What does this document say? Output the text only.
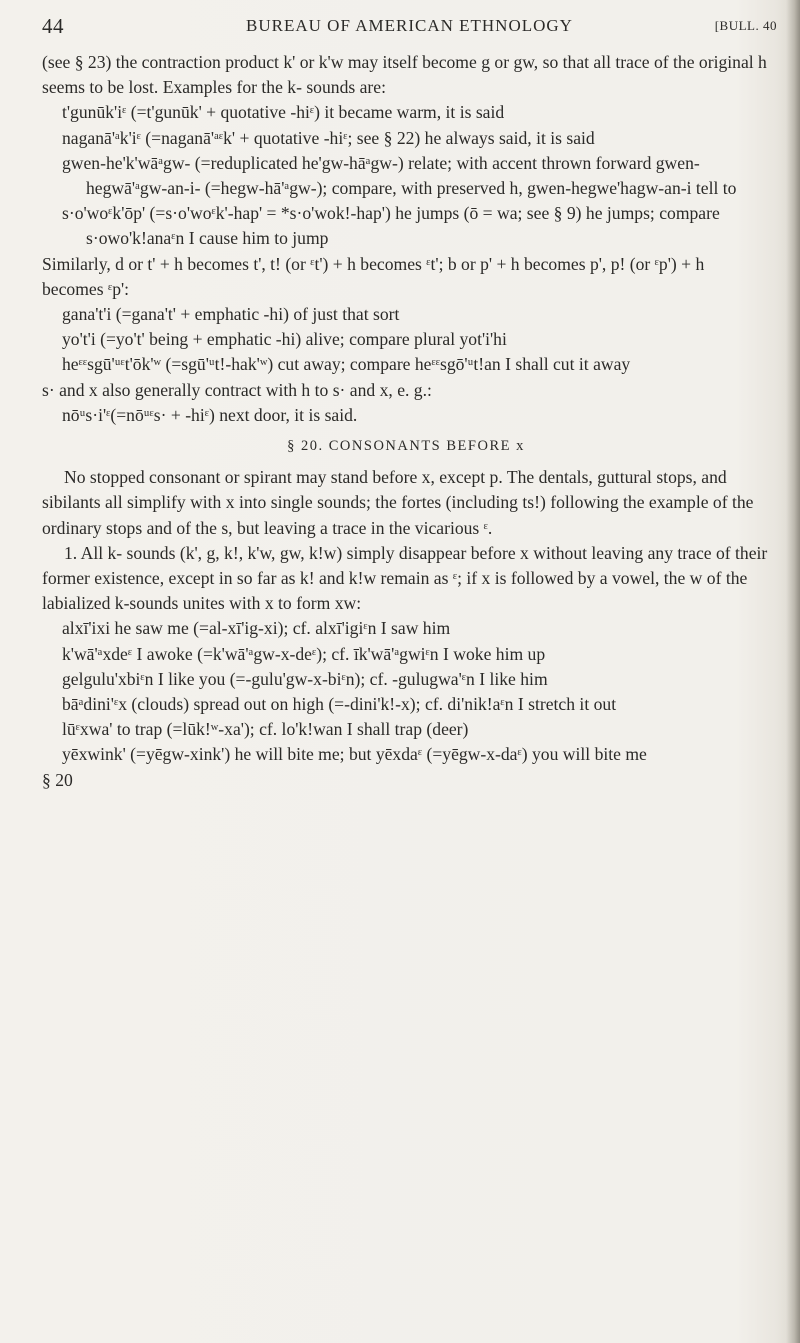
44	BUREAU OF AMERICAN ETHNOLOGY	[BULL. 40

(see § 23) the contraction product k' or k'w may itself become g or gw, so that all trace of the original h seems to be lost. Examples for the k- sounds are:

t'gunūk'iᵋ (=t'gunūk' + quotative -hiᵋ) it became warm, it is said
naganā'ᵃk'iᵋ (=naganā'ᵃᵋk' + quotative -hiᵋ; see § 22) he always said, it is said
gwen-he'k'wāᵃgw- (=reduplicated he'gw-hāᵃgw-) relate; with accent thrown forward gwen-hegwā'ᵃgw-an-i- (=hegw-hā'ᵃgw-); compare, with preserved h, gwen-hegwe'hagw-an-i tell to
s·o'woᵋk'ōp' (=s·o'woᵋk'-hap' = *s·o'wok!-hap') he jumps (ō = wa; see § 9) he jumps; compare s·owo'k!anaᵋn I cause him to jump

Similarly, d or t' + h becomes t', t! (or ᵋt') + h becomes ᵋt'; b or p' + h becomes p', p! (or ᵋp') + h becomes ᵋp':

gana't'i (=gana't' + emphatic -hi) of just that sort
yo't'i (=yo't' being + emphatic -hi) alive; compare plural yot'i'hi
heᵋᵋsgū'ᵘᵋt'ōk'ʷ (=sgū'ᵘt!-hak'ʷ) cut away; compare heᵋᵋsgō'ᵘt!an I shall cut it away

s· and x also generally contract with h to s· and x, e. g.:

nōᵘs·i'ᵋ(=nōᵘᵋs· + -hiᵋ) next door, it is said.
§ 20. CONSONANTS BEFORE x

No stopped consonant or spirant may stand before x, except p. The dentals, guttural stops, and sibilants all simplify with x into single sounds; the fortes (including ts!) following the example of the ordinary stops and of the s, but leaving a trace in the vicarious ᵋ.

1. All k- sounds (k', g, k!, k'w, gw, k!w) simply disappear before x without leaving any trace of their former existence, except in so far as k! and k!w remain as ᵋ; if x is followed by a vowel, the w of the labialized k-sounds unites with x to form xw:

alxī'ixi he saw me (=al-xī'ig-xi); cf. alxī'igiᵋn I saw him
k'wā'ᵃxdeᵋ I awoke (=k'wā'ᵃgw-x-deᵋ); cf. īk'wā'ᵃgwiᵋn I woke him up
gelgulu'xbiᵋn I like you (=-gulu'gw-x-biᵋn); cf. -gulugwa'ᵋn I like him
bāᵃdini'ᵋx (clouds) spread out on high (=-dini'k!-x); cf. di'nik!aᵋn I stretch it out
lūᵋxwa' to trap (=lūk!ʷ-xa'); cf. lo'k!wan I shall trap (deer)
yēxwink' (=yēgw-xink') he will bite me; but yēxdaᵋ (=yēgw-x-daᵋ) you will bite me

§ 20
